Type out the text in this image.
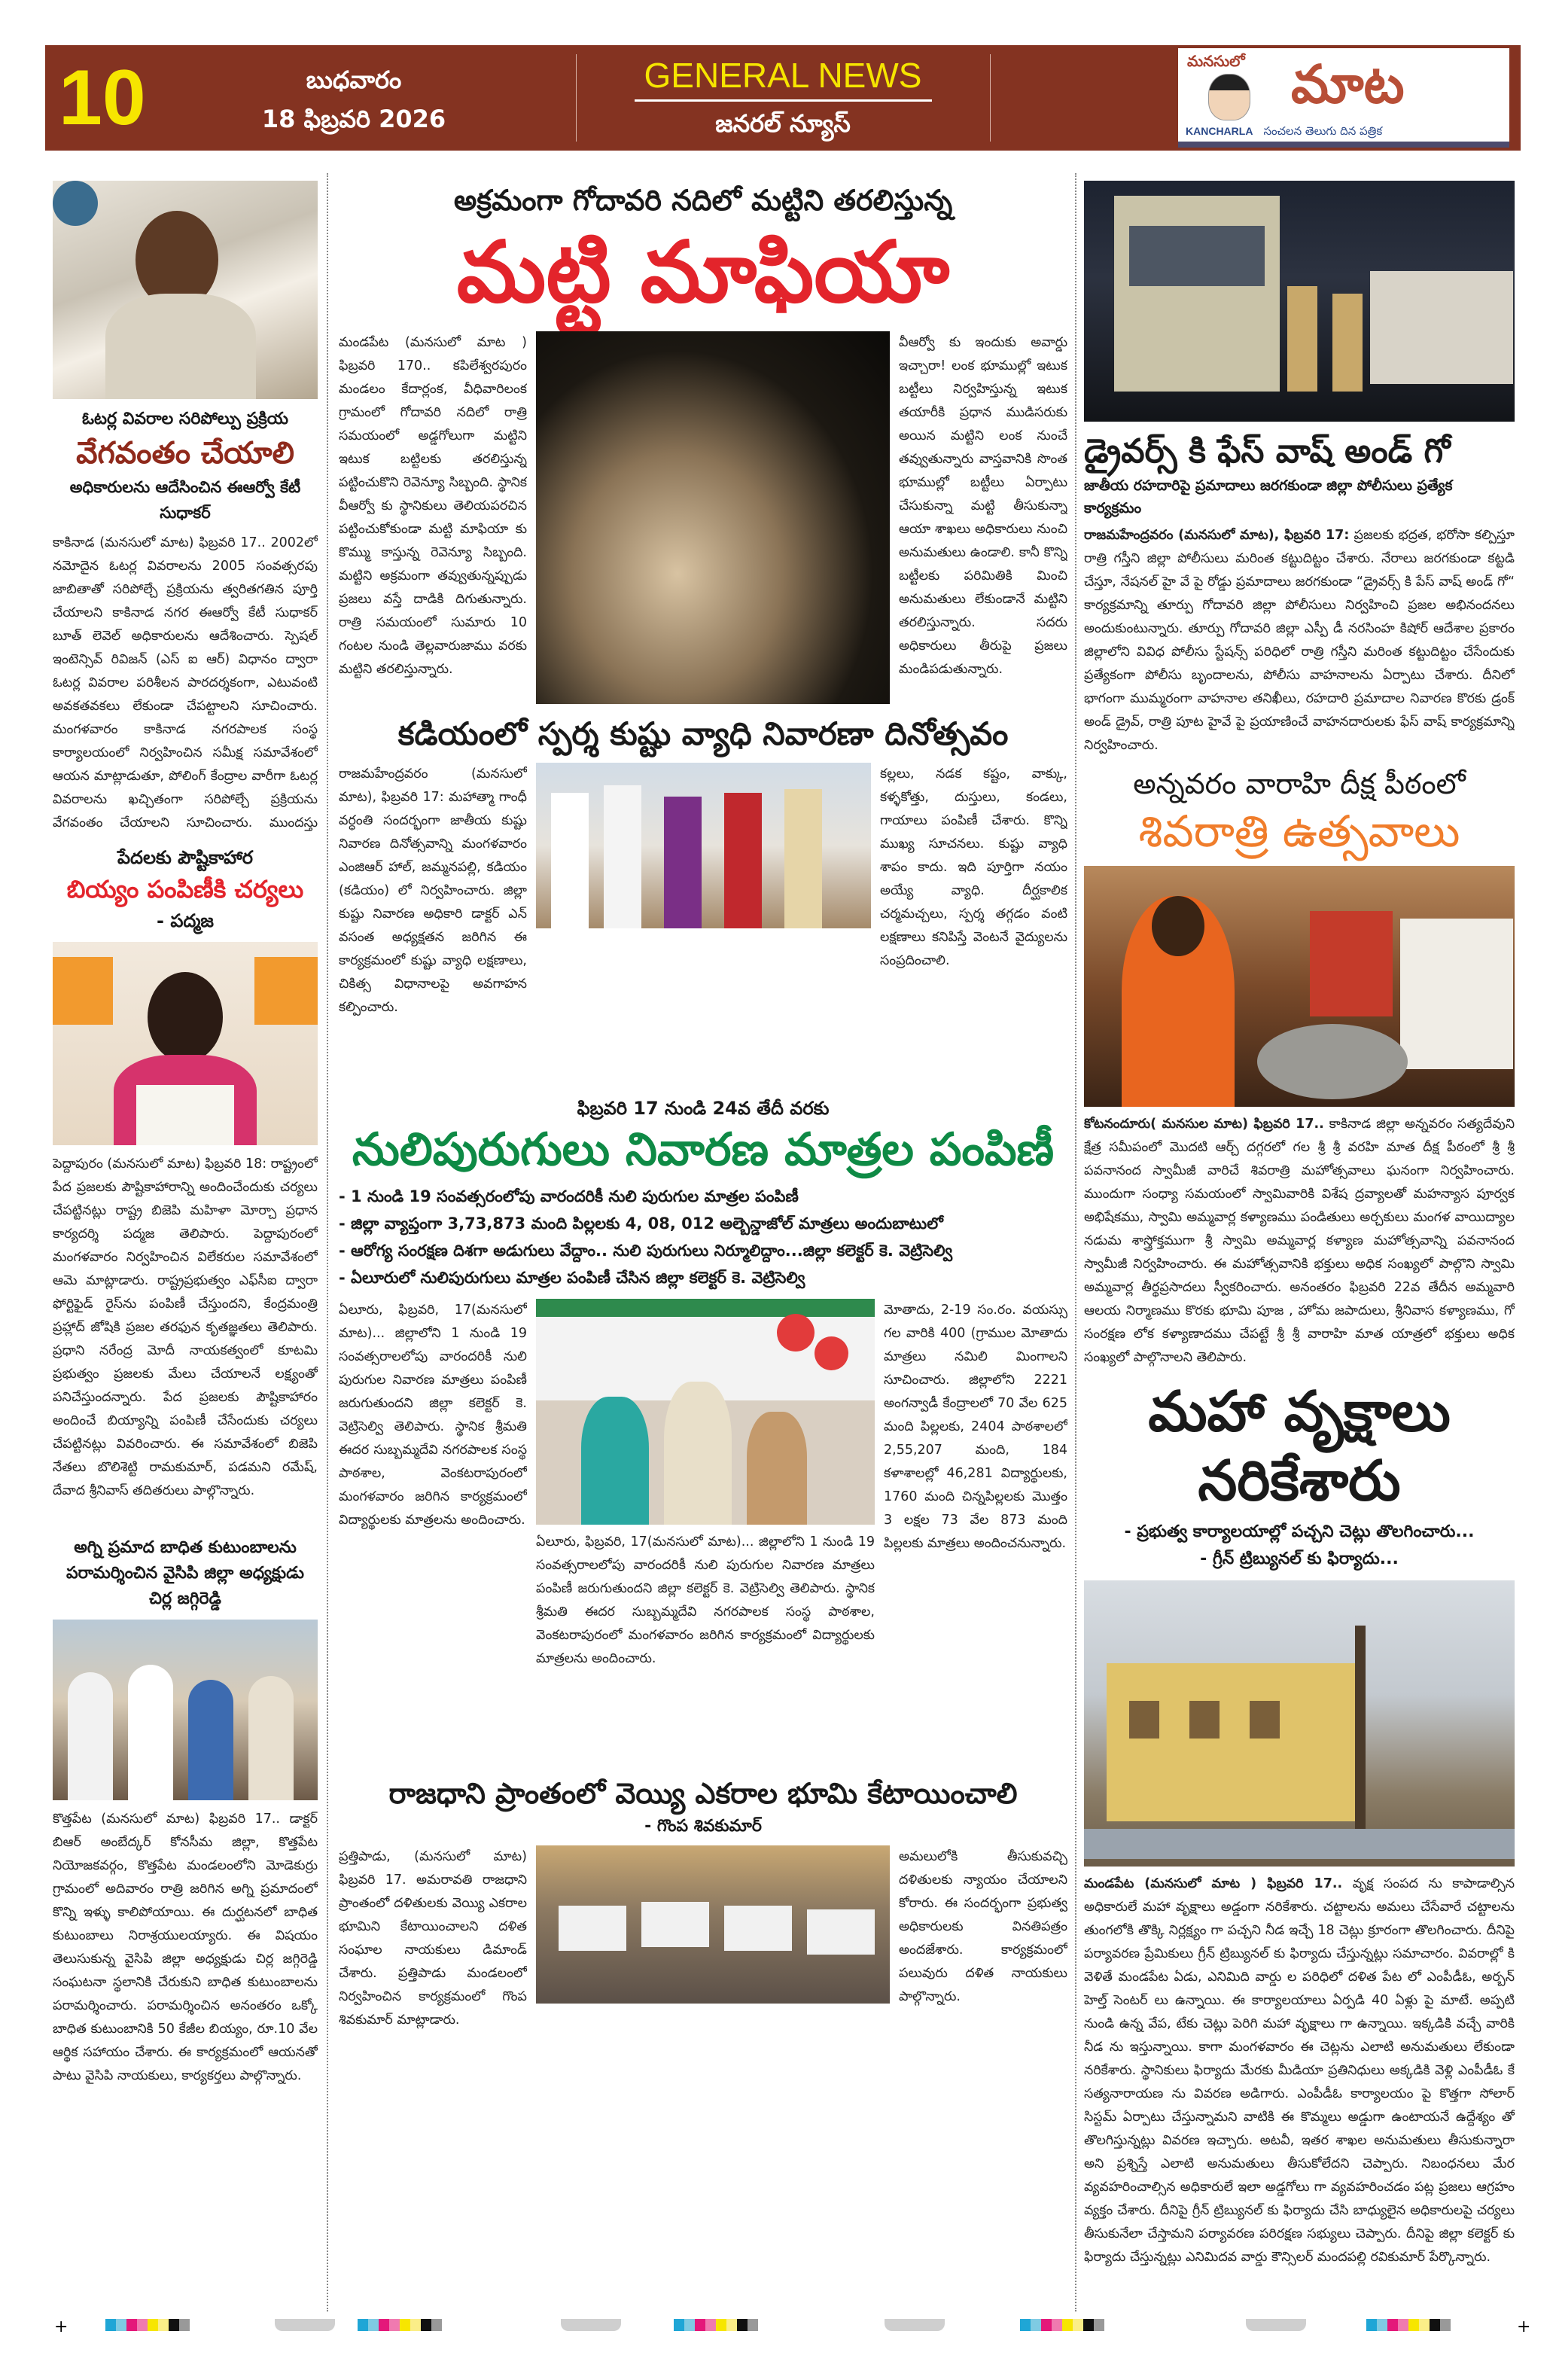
10	బుధవారం
18 ఫిబ్రవరి 2026
GENERAL NEWS
జనరల్ న్యూస్
మనసులో మాట
KANCHARLA సంచలన తెలుగు దిన పత్రిక
ఓటర్ల వివరాల సరిపోల్పు ప్రక్రియ
వేగవంతం చేయాలి
అధికారులను ఆదేసించిన ఈఆర్వో కేటీ సుధాకర్
కాకినాడ (మనసులో మాట) ఫిబ్రవరి 17.. 2002లో నమోదైన ఓటర్ల వివరాలను 2005 సంవత్సరపు జాబితాతో సరిపోల్చే ప్రక్రియను త్వరితగతిన పూర్తి చేయాలని కాకినాడ నగర ఈఆర్వో కేటీ సుధాకర్ బూత్ లెవెల్ అధికారులను ఆదేశించారు. స్పెషల్ ఇంటెన్సివ్ రివిజన్ (ఎస్ ఐ ఆర్) విధానం ద్వారా ఓటర్ల వివరాల పరిశీలన పారదర్శకంగా, ఎటువంటి అవకతవకలు లేకుండా చేపట్టాలని సూచించారు. మంగళవారం కాకినాడ నగరపాలక సంస్థ కార్యాలయంలో నిర్వహించిన సమీక్ష సమావేశంలో ఆయన మాట్లాడుతూ, పోలింగ్ కేంద్రాల వారీగా ఓటర్ల వివరాలను ఖచ్చితంగా సరిపోల్చే ప్రక్రియను వేగవంతం చేయాలని సూచించారు. ముందస్తు
పేదలకు పౌష్టికాహార
బియ్యం పంపిణీకి చర్యలు
- పద్మజ
పెద్దాపురం (మనసులో మాట) ఫిబ్రవరి 18: రాష్ట్రంలో పేద ప్రజలకు పౌష్టికాహారాన్ని అందించేందుకు చర్యలు చేపట్టినట్లు రాష్ట్ర బిజెపి మహిళా మోర్చా ప్రధాన కార్యదర్శి పద్మజ తెలిపారు. పెద్దాపురంలో మంగళవారం నిర్వహించిన విలేకరుల సమావేశంలో ఆమె మాట్లాడారు. రాష్ట్రప్రభుత్వం ఎఫ్‌సీఐ ద్వారా ఫోర్టిఫైడ్ రైస్‌ను పంపిణీ చేస్తుందని, కేంద్రమంత్రి ప్రహ్లాద్ జోషికి ప్రజల తరఫున కృతజ్ఞతలు తెలిపారు. ప్రధాని నరేంద్ర మోదీ నాయకత్వంలో కూటమి ప్రభుత్వం ప్రజలకు మేలు చేయాలనే లక్ష్యంతో పనిచేస్తుందన్నారు. పేద ప్రజలకు పౌష్టికాహారం అందించే బియ్యాన్ని పంపిణీ చేసేందుకు చర్యలు చేపట్టినట్లు వివరించారు. ఈ సమావేశంలో బిజెపి నేతలు బొలిశెట్టి రామకుమార్, పడమని రమేష్, దేవాద శ్రీనివాస్ తదితరులు పాల్గొన్నారు.
అగ్ని ప్రమాద బాధిత కుటుంబాలను పరామర్శించిన వైసిపి జిల్లా అధ్యక్షుడు చిర్ల జగ్గిరెడ్డి
కొత్తపేట (మనసులో మాట) ఫిబ్రవరి 17.. డాక్టర్ బిఆర్ అంబేద్కర్ కోనసీమ జిల్లా, కొత్తపేట నియోజకవర్గం, కొత్తపేట మండలంలోని మోడెకుర్రు గ్రామంలో అదివారం రాత్రి జరిగిన అగ్ని ప్రమాదంలో కొన్ని ఇళ్ళు కాలిపోయాయి. ఈ దుర్ఘటనలో బాధిత కుటుంబాలు నిరాశ్రయులయ్యారు. ఈ విషయం తెలుసుకున్న వైసిపి జిల్లా అధ్యక్షుడు చిర్ల జగ్గిరెడ్డి సంఘటనా స్థలానికి చేరుకుని బాధిత కుటుంబాలను పరామర్శించారు. పరామర్శించిన అనంతరం ఒక్కో బాధిత కుటుంబానికి 50 కేజీల బియ్యం, రూ.10 వేల ఆర్థిక సహాయం చేశారు. ఈ కార్యక్రమంలో ఆయనతో పాటు వైసిపి నాయకులు, కార్యకర్తలు పాల్గొన్నారు.
అక్రమంగా గోదావరి నదిలో మట్టిని తరలిస్తున్న
మట్టి మాఫియా
మండపేట (మనసులో మాట ) ఫిబ్రవరి 170.. కపిలేశ్వరపురం మండలం కేదార్లంక, వీధివారిలంక గ్రామంలో గోదావరి నదిలో రాత్రి సమయంలో అడ్డగోలుగా మట్టిని ఇటుక బట్టిలకు తరలిస్తున్న పట్టించుకొని రెవెన్యూ సిబ్బంది. స్థానిక వీఆర్వో కు స్థానికులు తెలియపరచిన పట్టించుకోకుండా మట్టి మాఫియా కు కొమ్ము కాస్తున్న రెవెన్యూ సిబ్బంది. మట్టిని అక్రమంగా తవ్వుతున్నప్పుడు ప్రజలు వస్తే దాడికి దిగుతున్నారు. రాత్రి సమయంలో సుమారు 10 గంటల నుండి తెల్లవారుజాము వరకు మట్టిని తరలిస్తున్నారు.
వీఆర్వో కు ఇందుకు అవార్డు ఇచ్చారా! లంక భూముల్లో ఇటుక బట్టీలు నిర్వహిస్తున్న ఇటుక తయారీకి ప్రధాన ముడిసరుకు అయిన మట్టిని లంక నుంచే తవ్వుతున్నారు వాస్తవానికి సొంత భూముల్లో బట్టీలు ఏర్పాటు చేసుకున్నా మట్టి తీసుకున్నా ఆయా శాఖలు అధికారులు నుంచి అనుమతులు ఉండాలి. కానీ కొన్ని బట్టీలకు పరిమితికి మించి అనుమతులు లేకుండానే మట్టిని తరలిస్తున్నారు. సదరు అధికారులు తీరుపై ప్రజలు మండిపడుతున్నారు.
కడియంలో స్పర్శ కుష్టు వ్యాధి నివారణా దినోత్సవం
రాజమహేంద్రవరం (మనసులో మాట), ఫిబ్రవరి 17: మహాత్మా గాంధీ వర్ధంతి సందర్భంగా జాతీయ కుష్టు నివారణ దినోత్సవాన్ని మంగళవారం ఎంజిఆర్ హాల్, జమ్మనపల్లి, కడియం (కడియం) లో నిర్వహించారు. జిల్లా కుష్టు నివారణ అధికారి డాక్టర్ ఎన్ వసంత అధ్యక్షతన జరిగిన ఈ కార్యక్రమంలో కుష్టు వ్యాధి లక్షణాలు, చికిత్స విధానాలపై అవగాహన కల్పించారు.
కల్లలు, నడక కష్టం, వాక్కు, కళ్ళకోత్తు, దుస్తులు, కండలు, గాయాలు పంపిణీ చేశారు. కొన్ని ముఖ్య సూచనలు. కుష్టు వ్యాధి శాపం కాదు. ఇది పూర్తిగా నయం అయ్యే వ్యాధి. దీర్ఘకాలిక చర్మమచ్చలు, స్పర్శ తగ్గడం వంటి లక్షణాలు కనిపిస్తే వెంటనే వైద్యులను సంప్రదించాలి.
ఫిబ్రవరి 17 నుండి 24వ తేదీ వరకు
నులిపురుగులు నివారణ మాత్రల పంపిణీ
- 1 నుండి 19 సంవత్సరంలోపు వారందరికీ నులి పురుగుల మాత్రల పంపిణీ
- జిల్లా వ్యాప్తంగా 3,73,873 మంది పిల్లలకు 4, 08, 012 అల్బెన్డాజోల్ మాత్రలు అందుబాటులో
- ఆరోగ్య సంరక్షణ దిశగా అడుగులు వేద్దాం.. నులి పురుగులు నిర్మూలిద్దాం...జిల్లా కలెక్టర్ కె. వెట్రిసెల్వి
- ఏలూరులో నులిపురుగులు మాత్రల పంపిణీ చేసిన జిల్లా కలెక్టర్ కె. వెట్రిసెల్వి
ఏలూరు, ఫిబ్రవరి, 17(మనసులో మాట)... జిల్లాలోని 1 నుండి 19 సంవత్సరాలలోపు వారందరికీ నులి పురుగుల నివారణ మాత్రలు పంపిణీ జరుగుతుందని జిల్లా కలెక్టర్ కె. వెట్రిసెల్వి తెలిపారు. స్థానిక శ్రీమతి ఈదర సుబ్బమ్మదేవి నగరపాలక సంస్థ పాఠశాల, వెంకటరాపురంలో మంగళవారం జరిగిన కార్యక్రమంలో విద్యార్థులకు మాత్రలను అందించారు.
ఏలూరు, ఫిబ్రవరి, 17(మనసులో మాట)... జిల్లాలోని 1 నుండి 19 సంవత్సరాలలోపు వారందరికీ నులి పురుగుల నివారణ మాత్రలు పంపిణీ జరుగుతుందని జిల్లా కలెక్టర్ కె. వెట్రిసెల్వి తెలిపారు. స్థానిక శ్రీమతి ఈదర సుబ్బమ్మదేవి నగరపాలక సంస్థ పాఠశాల, వెంకటరాపురంలో మంగళవారం జరిగిన కార్యక్రమంలో విద్యార్థులకు మాత్రలను అందించారు.
మోతాదు, 2-19 సం.రం. వయస్సు గల వారికి 400 (గ్రాముల మోతాదు మాత్రలు నమిలి మింగాలని సూచించారు. జిల్లాలోని 2221 అంగన్వాడీ కేంద్రాలలో 70 వేల 625 మంది పిల్లలకు, 2404 పాఠశాలలో 2,55,207 మంది, 184 కళాశాలల్లో 46,281 విద్యార్థులకు, 1760 మంది చిన్నపిల్లలకు మొత్తం 3 లక్షల 73 వేల 873 మంది పిల్లలకు మాత్రలు అందించనున్నారు.
రాజధాని ప్రాంతంలో వెయ్యి ఎకరాల భూమి కేటాయించాలి
- గొంప శివకుమార్
ప్రత్తిపాడు, (మనసులో మాట) ఫిబ్రవరి 17. అమరావతి రాజధాని ప్రాంతంలో దళితులకు వెయ్యి ఎకరాల భూమిని కేటాయించాలని దళిత సంఘాల నాయకులు డిమాండ్ చేశారు. ప్రత్తిపాడు మండలంలో నిర్వహించిన కార్యక్రమంలో గొంప శివకుమార్ మాట్లాడారు.
అమలులోకి తీసుకువచ్చి దళితులకు న్యాయం చేయాలని కోరారు. ఈ సందర్భంగా ప్రభుత్వ అధికారులకు వినతిపత్రం అందజేశారు. కార్యక్రమంలో పలువురు దళిత నాయకులు పాల్గొన్నారు.
డ్రైవర్స్ కి ఫేస్ వాష్ అండ్ గో
జాతీయ రహదారిపై ప్రమాదాలు జరగకుండా జిల్లా పోలీసులు ప్రత్యేక కార్యక్రమం
రాజమహేంద్రవరం (మనసులో మాట), ఫిబ్రవరి 17: ప్రజలకు భద్రత, భరోసా కల్పిస్తూ రాత్రి గస్తీని జిల్లా పోలీసులు మరింత కట్టుదిట్టం చేశారు. నేరాలు జరగకుండా కట్టడి చేస్తూ, నేషనల్ హై వే పై రోడ్డు ప్రమాదాలు జరగకుండా “డ్రైవర్స్ కి పేస్ వాష్ అండ్ గో“ కార్యక్రమాన్ని తూర్పు గోదావరి జిల్లా పోలీసులు నిర్వహించి ప్రజల అభినందనలు అందుకుంటున్నారు. తూర్పు గోదావరి జిల్లా ఎస్పీ డీ నరసింహ కిషోర్ ఆదేశాల ప్రకారం జిల్లాలోని వివిధ పోలీసు స్టేషన్స్ పరిధిలో రాత్రి గస్తీని మరింత కట్టుదిట్టం చేసేందుకు ప్రత్యేకంగా పోలీసు బృందాలను, పోలీసు వాహనాలను ఏర్పాటు చేశారు. దీనిలో భాగంగా ముమ్మరంగా వాహనాల తనిఖీలు, రహదారి ప్రమాదాల నివారణ కొరకు డ్రంక్ అండ్ డ్రైవ్, రాత్రి పూట హైవే పై ప్రయాణించే వాహనదారులకు ఫేస్ వాష్ కార్యక్రమాన్ని నిర్వహించారు.
అన్నవరం వారాహి దీక్ష పీఠంలో
శివరాత్రి ఉత్సవాలు
కోటనందూరు( మనసుల మాట) ఫిబ్రవరి 17.. కాకినాడ జిల్లా అన్నవరం సత్యదేవుని క్షేత్ర సమీపంలో మొదటి ఆర్చ్ దగ్గరలో గల శ్రీ శ్రీ వరహి మాత దీక్ష పీఠంలో శ్రీ శ్రీ పవనానంద స్వామీజీ వారిచే శివరాత్రి మహోత్సవాలు ఘనంగా నిర్వహించారు. ముందుగా సంధ్యా సమయంలో స్వామివారికి విశేష ద్రవ్యాలతో మహన్యాస పూర్వక అభిషేకము, స్వామి అమ్మవార్ల కళ్యాణము పండితులు అర్చకులు మంగళ వాయిద్యాల నడుమ శాస్త్రోక్తముగా శ్రీ స్వామి అమ్మవార్ల కళ్యాణ మహోత్సవాన్ని పవనానంద స్వామీజీ నిర్వహించారు. ఈ మహోత్సవానికి భక్తులు అధిక సంఖ్యలో పాల్గొని స్వామి అమ్మవార్ల తీర్థప్రసాదలు స్వీకరించారు. అనంతరం ఫిబ్రవరి 22వ తేదీన అమ్మవారి ఆలయ నిర్మాణము కొరకు భూమి పూజ , హోమ జపాదులు, శ్రీనివాస కళ్యాణము, గో సంరక్షణ లోక కళ్యాణాదము చేపట్టే శ్రీ శ్రీ వారాహి మాత యాత్రలో భక్తులు అధిక సంఖ్యలో పాల్గొనాలని తెలిపారు.
మహా వృక్షాలు
నరికేశారు
- ప్రభుత్వ కార్యాలయాల్లో పచ్చని చెట్లు తొలగించారు...
- గ్రీన్ ట్రిబ్యునల్ కు ఫిర్యాదు...
మండపేట (మనసులో మాట ) ఫిబ్రవరి 17.. వృక్ష సంపద ను కాపాడాల్సిన అధికారులే మహా వృక్షాలు అడ్డంగా నరికేశారు. చట్టాలను అమలు చేసేవారే చట్టాలను తుంగలోకి తొక్కి నిర్లక్ష్యం గా పచ్చని నీడ ఇచ్చే 18 చెట్లు క్రూరంగా తొలగించారు. దీనిపై పర్యావరణ ప్రేమికులు గ్రీన్ ట్రిబ్యునల్ కు ఫిర్యాదు చేస్తున్నట్లు సమాచారం. వివరాల్లో కి వెళితే మండపేట ఏడు, ఎనిమిది వార్డు ల పరిధిలో దళిత పేట లో ఎంపీడీఓ, అర్బన్ హెల్త్ సెంటర్ లు ఉన్నాయి. ఈ కార్యాలయాలు ఏర్పడి 40 ఏళ్లు పై మాటే. అప్పటి నుండి ఉన్న వేప, టేకు చెట్లు పెరిగి మహా వృక్షాలు గా ఉన్నాయి. ఇక్కడికి వచ్చే వారికి నీడ ను ఇస్తున్నాయి. కాగా మంగళవారం ఈ చెట్లను ఎలాటి అనుమతులు లేకుండా నరికేశారు. స్థానికులు ఫిర్యాదు మేరకు మీడియా ప్రతినిధులు అక్కడికి వెళ్లి ఎంపీడీఓ కే సత్యనారాయణ ను వివరణ అడిగారు. ఎంపీడీఓ కార్యాలయం పై కొత్తగా సోలార్ సిస్టమ్ ఏర్పాటు చేస్తున్నామని వాటికి ఈ కొమ్మలు అడ్డుగా ఉంటాయనే ఉద్దేశ్యం తో తొలగిస్తున్నట్లు వివరణ ఇచ్చారు. అటవీ, ఇతర శాఖల అనుమతులు తీసుకున్నారా అని ప్రశ్నిస్తే ఎలాటి అనుమతులు తీసుకోలేదని చెప్పారు. నిబంధనలు మేర వ్యవహరించాల్సిన అధికారులే ఇలా అడ్డగోలు గా వ్యవహరించడం పట్ల ప్రజలు ఆగ్రహం వ్యక్తం చేశారు. దీనిపై గ్రీన్ ట్రిబ్యునల్ కు ఫిర్యాదు చేసి బాధ్యులైన అధికారులపై చర్యలు తీసుకునేలా చేస్తామని పర్యావరణ పరిరక్షణ సభ్యులు చెప్పారు. దీనిపై జిల్లా కలెక్టర్ కు ఫిర్యాదు చేస్తున్నట్లు ఎనిమిదవ వార్డు కౌన్సిలర్ మందపల్లి రవికుమార్ పేర్కొన్నారు.
+	+
